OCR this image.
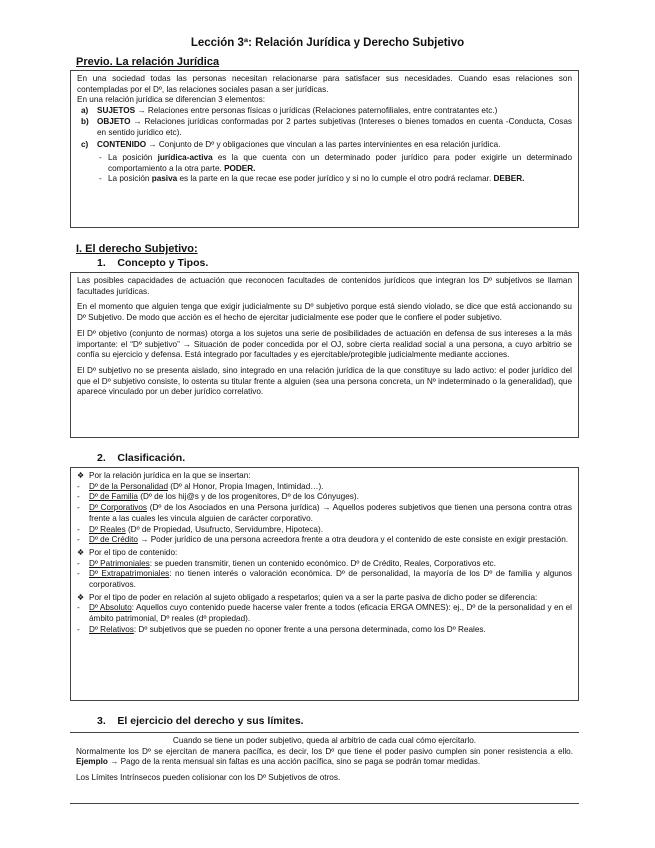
Lección 3ª: Relación Jurídica y Derecho Subjetivo
Previo. La relación Jurídica

En una sociedad todas las personas necesitan relacionarse para satisfacer sus necesidades. Cuando esas relaciones son contempladas por el Dº, las relaciones sociales pasan a ser jurídicas.

En una relación jurídica se diferencian 3 elementos:

a)	SUJETOS → Relaciones entre personas físicas o jurídicas (Relaciones paternofiliales, entre contratantes etc.)
b)	OBJETO → Relaciones jurídicas conformadas por 2 partes subjetivas (Intereses o bienes tomados en cuenta -Conducta, Cosas en sentido jurídico etc).
c)	CONTENIDO → Conjunto de Dº y obligaciones que vinculan a las partes intervinientes en esa relación jurídica.
- La posición jurídica-activa es la que cuenta con un determinado poder jurídico para poder exigirle un determinado comportamiento a la otra parte. PODER.
- La posición pasiva es la parte en la que recae ese poder jurídico y si no lo cumple el otro podrá reclamar. DEBER.
I. El derecho Subjetivo:
1.    Concepto y Tipos.

Las posibles capacidades de actuación que reconocen facultades de contenidos jurídicos que integran los Dº subjetivos se llaman facultades jurídicas.

En el momento que alguien tenga que exigir judicialmente su Dº subjetivo porque está siendo violado, se dice que está accionando su Dº Subjetivo. De modo que acción es el hecho de ejercitar judicialmente ese poder que le confiere el poder subjetivo.

El Dº objetivo (conjunto de normas) otorga a los sujetos una serie de posibilidades de actuación en defensa de sus intereses a la más importante: el “Dº subjetivo” → Situación de poder concedida por el OJ, sobre cierta realidad social a una persona, a cuyo arbitrio se confía su ejercicio y defensa. Está integrado por facultades y es ejercitable/protegible judicialmente mediante acciones.

El Dº subjetivo no se presenta aislado, sino integrado en una relación jurídica de la que constituye su lado activo: el poder jurídico del que el Dº subjetivo consiste, lo ostenta su titular frente a alguien (sea una persona concreta, un Nº indeterminado o la generalidad), que aparece vinculado por un deber jurídico correlativo.

2.    Clasificación.
❖ Por la relación jurídica en la que se insertan:
-	Dº de la Personalidad (Dº al Honor, Propia Imagen, Intimidad…).
-	Dº de Familia (Dº de los hij@s y de los progenitores, Dº de los Cónyuges).
-	Dº Corporativos (Dº de los Asociados en una Persona jurídica) → Aquellos poderes subjetivos que tienen una persona contra otras frente a las cuales les vincula alguien de carácter corporativo.
-	Dº Reales (Dº de Propiedad, Usufructo, Servidumbre, Hipoteca).
-	Dº de Crédito → Poder jurídico de una persona acreedora frente a otra deudora y el contenido de este consiste en exigir prestación.
❖ Por el tipo de contenido:
-	Dº Patrimoniales: se pueden transmitir, tienen un contenido económico. Dº de Crédito, Reales, Corporativos etc.
-	Dº Extrapatrimoniales: no tienen interés o valoración económica. Dº de personalidad, la mayoría de los Dº de familia y algunos corporativos.
❖ Por el tipo de poder en relación al sujeto obligado a respetarlos; quien va a ser la parte pasiva de dicho poder se diferencia:
-	Dº Absoluto: Aquellos cuyo contenido puede hacerse valer frente a todos (eficacia ERGA OMNES): ej., Dº de la personalidad y en el ámbito patrimonial, Dº reales (dº propiedad).
-	Dº Relativos: Dº subjetivos que se pueden no oponer frente a una persona determinada, como los Dº Reales.
3.    El ejercicio del derecho y sus límites.

Cuando se tiene un poder subjetivo, queda al arbitrio de cada cual cómo ejercitarlo.

Normalmente los Dº se ejercitan de manera pacífica, es decir, los Dº que tiene el poder pasivo cumplen sin poner resistencia a ello. Ejemplo → Pago de la renta mensual sin faltas es una acción pacífica, sino se paga se podrán tomar medidas.

Los Límites Intrínsecos pueden colisionar con los Dº Subjetivos de otros.
